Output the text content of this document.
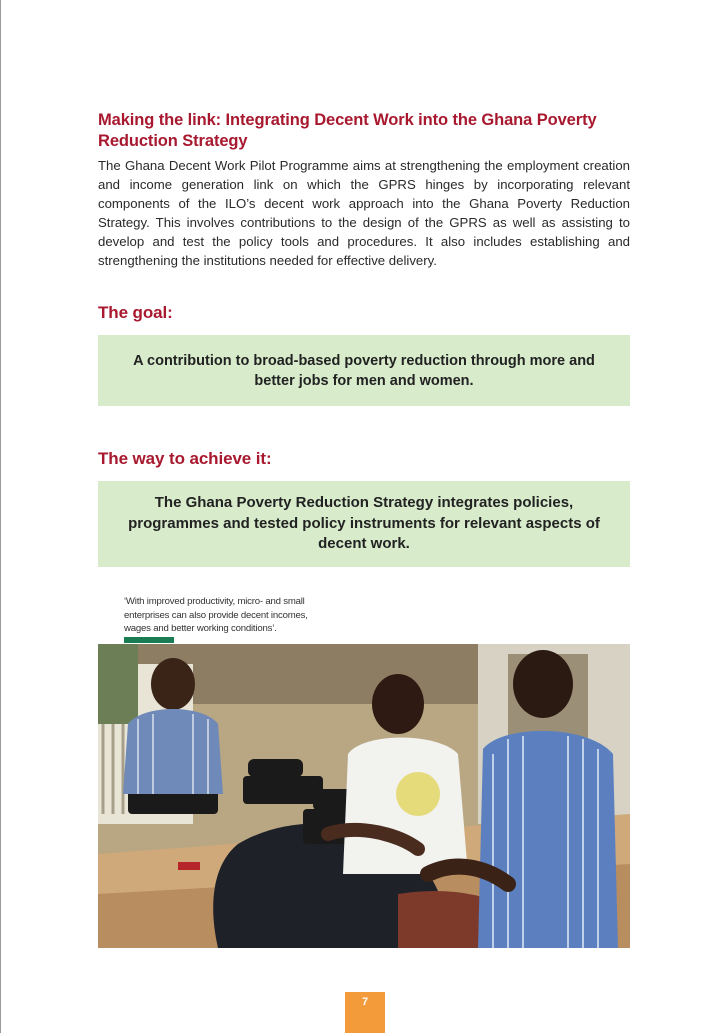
Making the link: Integrating Decent Work into the Ghana Poverty Reduction Strategy

The Ghana Decent Work Pilot Programme aims at strengthening the employment creation and income generation link on which the GPRS hinges by incorporating relevant components of the ILO’s decent work approach into the Ghana Poverty Reduction Strategy. This involves contributions to the design of the GPRS as well as assisting to develop and test the policy tools and procedures. It also includes establishing and strengthening the institutions needed for effective delivery.

The goal:

A contribution to broad-based poverty reduction through more and better jobs for men and women.

The way to achieve it:

The Ghana Poverty Reduction Strategy integrates policies, programmes and tested policy instruments for relevant aspects of decent work.

‘With improved productivity, micro- and small enterprises can also provide decent incomes, wages and better working conditions’.

7
